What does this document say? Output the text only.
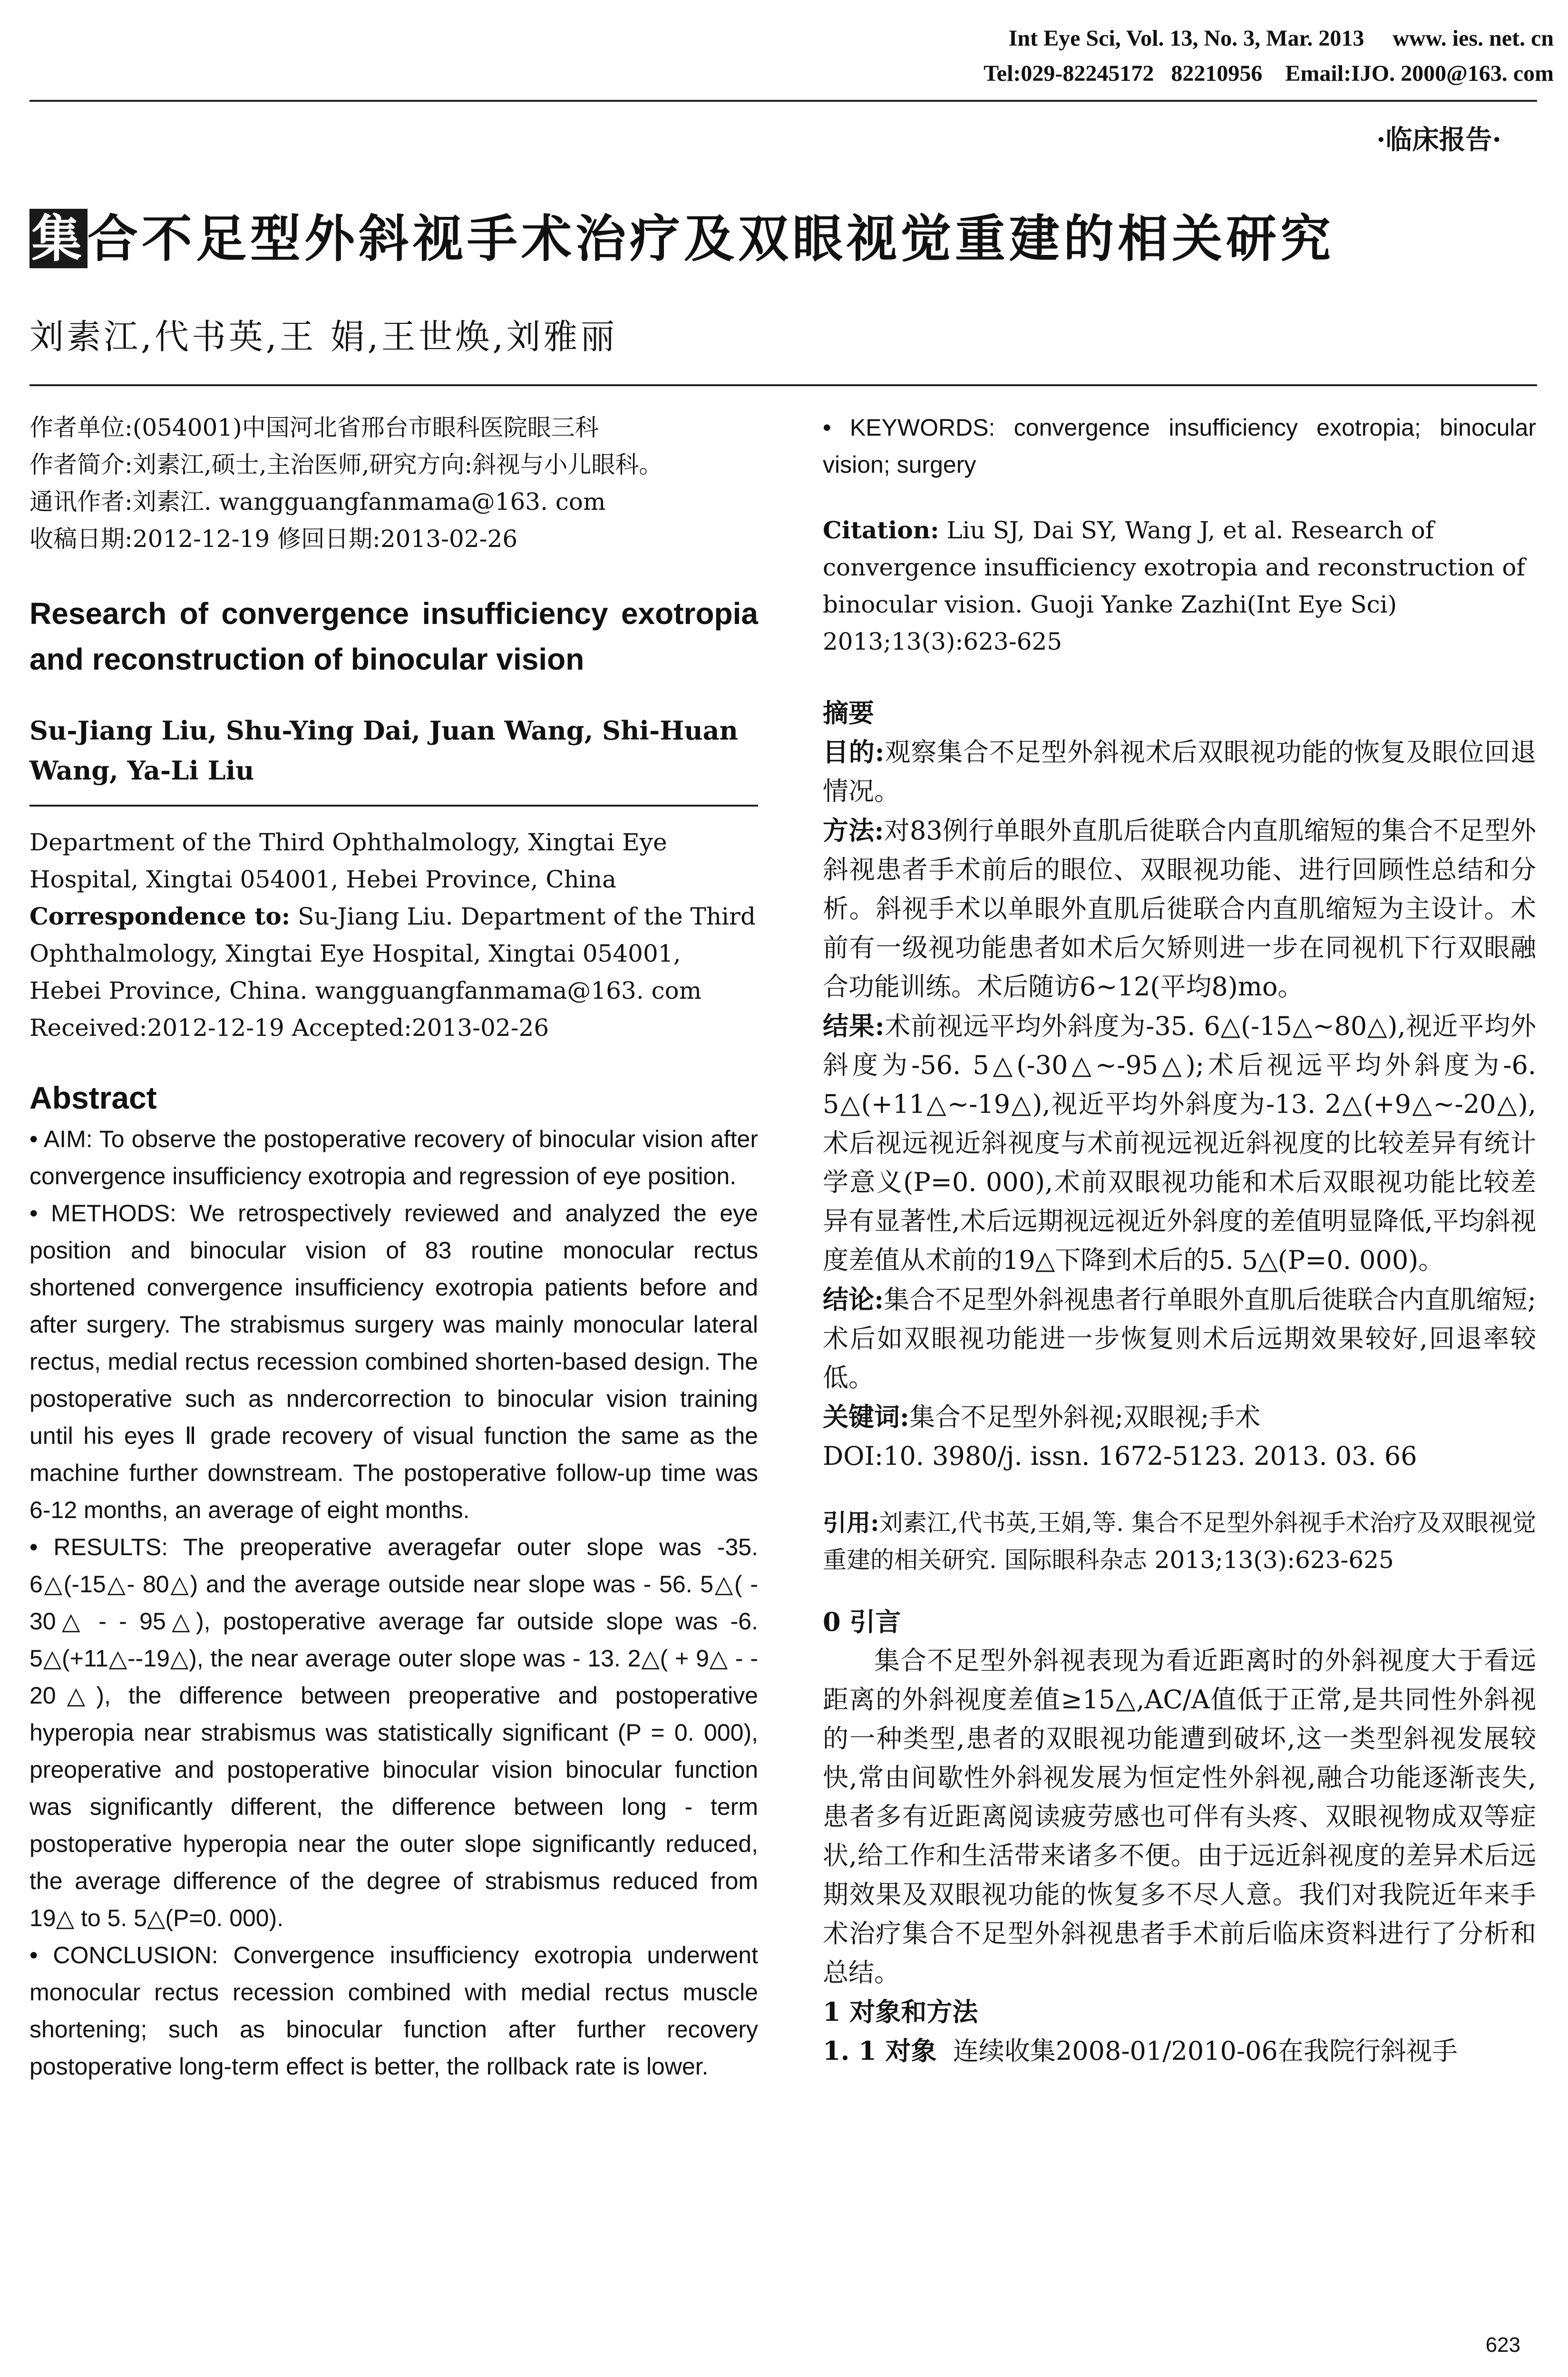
Int Eye Sci, Vol. 13, No. 3, Mar. 2013     www. ies. net. cn
Tel:029-82245172   82210956    Email:IJO. 2000@163. com
·临床报告·
集合不足型外斜视手术治疗及双眼视觉重建的相关研究
刘素江,代书英,王 娟,王世焕,刘雅丽

作者单位:(054001)中国河北省邢台市眼科医院眼三科

作者简介:刘素江,硕士,主治医师,研究方向:斜视与小儿眼科。

通讯作者:刘素江. wangguangfanmama@163. com

收稿日期:2012-12-19 修回日期:2013-02-26

Research of convergence insufficiency exotropia and reconstruction of binocular vision

Su-Jiang Liu, Shu-Ying Dai, Juan Wang, Shi-Huan Wang, Ya-Li Liu

Department of the Third Ophthalmology, Xingtai Eye Hospital, Xingtai 054001, Hebei Province, China

Correspondence to: Su-Jiang Liu. Department of the Third Ophthalmology, Xingtai Eye Hospital, Xingtai 054001, Hebei Province, China. wangguangfanmama@163. com

Received:2012-12-19 Accepted:2013-02-26

Abstract

• AIM: To observe the postoperative recovery of binocular vision after convergence insufficiency exotropia and regression of eye position.

• METHODS: We retrospectively reviewed and analyzed the eye position and binocular vision of 83 routine monocular rectus shortened convergence insufficiency exotropia patients before and after surgery. The strabismus surgery was mainly monocular lateral rectus, medial rectus recession combined shorten-based design. The postoperative such as nndercorrection to binocular vision training until his eyes Ⅱ grade recovery of visual function the same as the machine further downstream. The postoperative follow-up time was 6-12 months, an average of eight months.

• RESULTS: The preoperative averagefar outer slope was -35. 6△(-15△- 80△) and the average outside near slope was - 56. 5△( - 30△ - - 95△), postoperative average far outside slope was -6. 5△(+11△--19△), the near average outer slope was - 13. 2△( + 9△ - - 20△), the difference between preoperative and postoperative hyperopia near strabismus was statistically significant (P = 0. 000), preoperative and postoperative binocular vision binocular function was significantly different, the difference between long - term postoperative hyperopia near the outer slope significantly reduced, the average difference of the degree of strabismus reduced from 19△ to 5. 5△(P=0. 000).

• CONCLUSION: Convergence insufficiency exotropia underwent monocular rectus recession combined with medial rectus muscle shortening; such as binocular function after further recovery postoperative long-term effect is better, the rollback rate is lower.

• KEYWORDS: convergence insufficiency exotropia; binocular vision; surgery

Citation: Liu SJ, Dai SY, Wang J, et al. Research of convergence insufficiency exotropia and reconstruction of binocular vision. Guoji Yanke Zazhi(Int Eye Sci) 2013;13(3):623-625

摘要

目的:观察集合不足型外斜视术后双眼视功能的恢复及眼位回退情况。

方法:对83例行单眼外直肌后徙联合内直肌缩短的集合不足型外斜视患者手术前后的眼位、双眼视功能、进行回顾性总结和分析。斜视手术以单眼外直肌后徙联合内直肌缩短为主设计。术前有一级视功能患者如术后欠矫则进一步在同视机下行双眼融合功能训练。术后随访6~12(平均8)mo。

结果:术前视远平均外斜度为-35. 6△(-15△~80△),视近平均外斜度为-56. 5△(-30△~-95△);术后视远平均外斜度为-6. 5△(+11△~-19△),视近平均外斜度为-13. 2△(+9△~-20△),术后视远视近斜视度与术前视远视近斜视度的比较差异有统计学意义(P=0. 000),术前双眼视功能和术后双眼视功能比较差异有显著性,术后远期视远视近外斜度的差值明显降低,平均斜视度差值从术前的19△下降到术后的5. 5△(P=0. 000)。

结论:集合不足型外斜视患者行单眼外直肌后徙联合内直肌缩短;术后如双眼视功能进一步恢复则术后远期效果较好,回退率较低。

关键词:集合不足型外斜视;双眼视;手术

DOI:10. 3980/j. issn. 1672-5123. 2013. 03. 66

引用:刘素江,代书英,王娟,等. 集合不足型外斜视手术治疗及双眼视觉重建的相关研究. 国际眼科杂志 2013;13(3):623-625

0 引言

集合不足型外斜视表现为看近距离时的外斜视度大于看远距离的外斜视度差值≥15△,AC/A值低于正常,是共同性外斜视的一种类型,患者的双眼视功能遭到破坏,这一类型斜视发展较快,常由间歇性外斜视发展为恒定性外斜视,融合功能逐渐丧失,患者多有近距离阅读疲劳感也可伴有头疼、双眼视物成双等症状,给工作和生活带来诸多不便。由于远近斜视度的差异术后远期效果及双眼视功能的恢复多不尽人意。我们对我院近年来手术治疗集合不足型外斜视患者手术前后临床资料进行了分析和总结。

1 对象和方法

1. 1 对象 连续收集2008-01/2010-06在我院行斜视手

623
